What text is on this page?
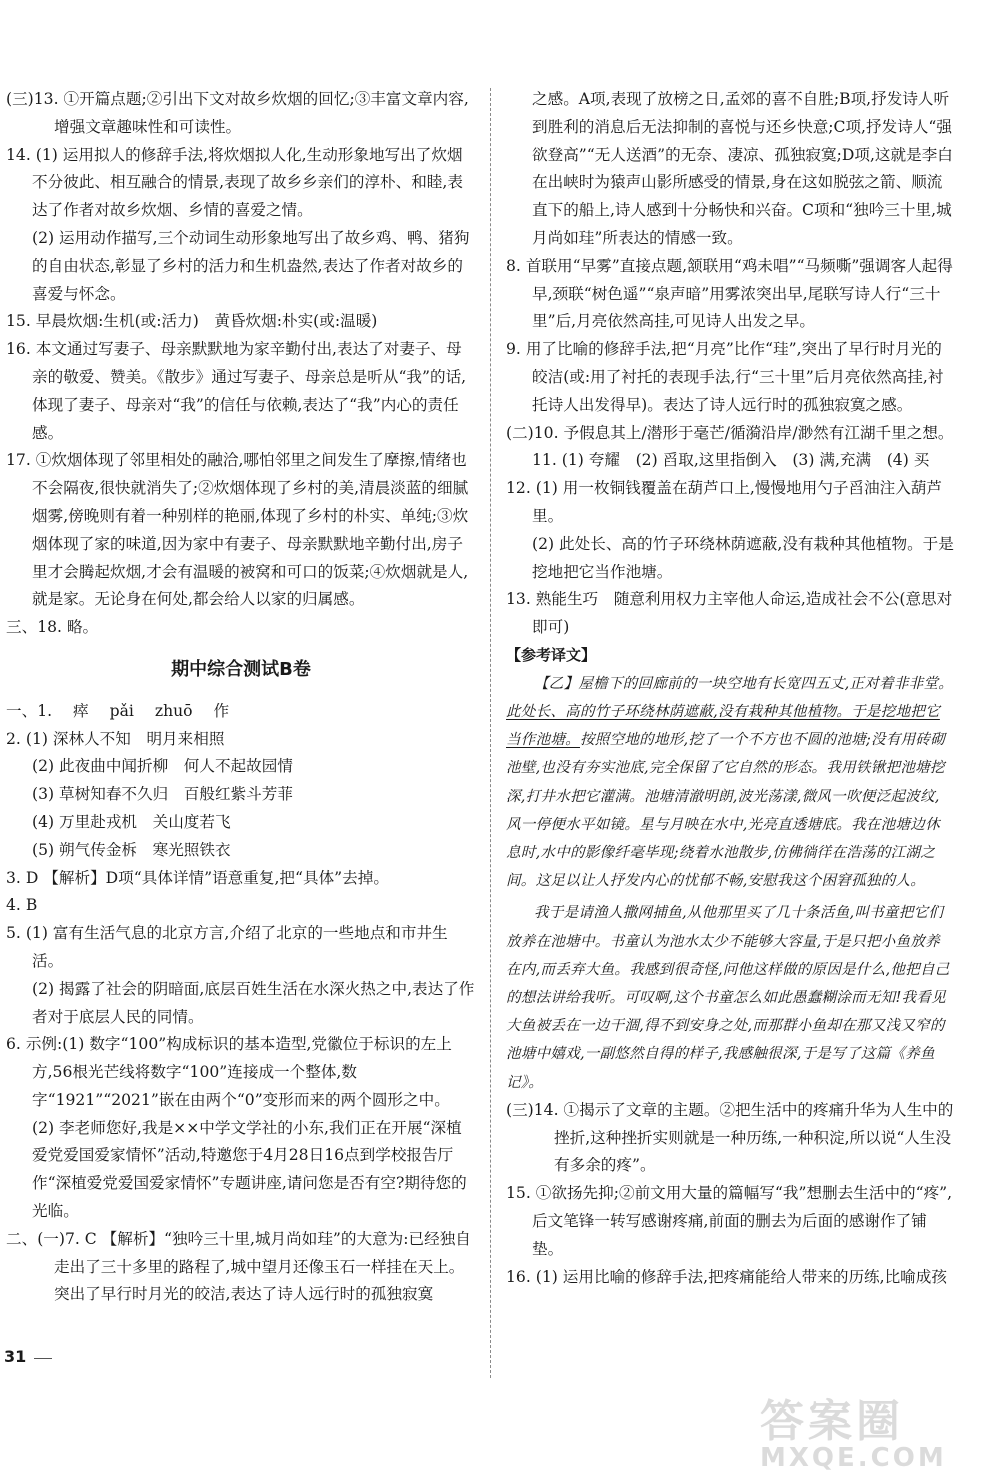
(三)13. ①开篇点题;②引出下文对故乡炊烟的回忆;③丰富文章内容,增强文章趣味性和可读性。
14. (1) 运用拟人的修辞手法,将炊烟拟人化,生动形象地写出了炊烟不分彼此、相互融合的情景,表现了故乡乡亲们的淳朴、和睦,表达了作者对故乡炊烟、乡情的喜爱之情。
(2) 运用动作描写,三个动词生动形象地写出了故乡鸡、鸭、猪狗的自由状态,彰显了乡村的活力和生机盎然,表达了作者对故乡的喜爱与怀念。
15. 早晨炊烟:生机(或:活力)　黄昏炊烟:朴实(或:温暖)
16. 本文通过写妻子、母亲默默地为家辛勤付出,表达了对妻子、母亲的敬爱、赞美。《散步》通过写妻子、母亲总是听从“我”的话,体现了妻子、母亲对“我”的信任与依赖,表达了“我”内心的责任感。
17. ①炊烟体现了邻里相处的融洽,哪怕邻里之间发生了摩擦,情绪也不会隔夜,很快就消失了;②炊烟体现了乡村的美,清晨淡蓝的细腻烟雾,傍晚则有着一种别样的艳丽,体现了乡村的朴实、单纯;③炊烟体现了家的味道,因为家中有妻子、母亲默默地辛勤付出,房子里才会腾起炊烟,才会有温暖的被窝和可口的饭菜;④炊烟就是人,就是家。无论身在何处,都会给人以家的归属感。
三、18. 略。
期中综合测试B卷
一、1. 瘁 pǎi zhuō 作
2. (1) 深林人不知　明月来相照
(2) 此夜曲中闻折柳　何人不起故园情
(3) 草树知春不久归　百般红紫斗芳菲
(4) 万里赴戎机　关山度若飞
(5) 朔气传金柝　寒光照铁衣
3. D 【解析】D项“具体详情”语意重复,把“具体”去掉。
4. B
5. (1) 富有生活气息的北京方言,介绍了北京的一些地点和市井生活。
(2) 揭露了社会的阴暗面,底层百姓生活在水深火热之中,表达了作者对于底层人民的同情。
6. 示例:(1) 数字“100”构成标识的基本造型,党徽位于标识的左上方,56根光芒线将数字“100”连接成一个整体,数字“1921”“2021”嵌在由两个“0”变形而来的两个圆形之中。
(2) 李老师您好,我是××中学文学社的小东,我们正在开展“深植爱党爱国爱家情怀”活动,特邀您于4月28日16点到学校报告厅作“深植爱党爱国爱家情怀”专题讲座,请问您是否有空?期待您的光临。
二、(一)7. C 【解析】“独吟三十里,城月尚如珪”的大意为:已经独自走出了三十多里的路程了,城中望月还像玉石一样挂在天上。突出了早行时月光的皎洁,表达了诗人远行时的孤独寂寞
之感。A项,表现了放榜之日,孟郊的喜不自胜;B项,抒发诗人听到胜利的消息后无法抑制的喜悦与还乡快意;C项,抒发诗人“强欲登高”“无人送酒”的无奈、凄凉、孤独寂寞;D项,这就是李白在出峡时为猿声山影所感受的情景,身在这如脱弦之箭、顺流直下的船上,诗人感到十分畅快和兴奋。C项和“独吟三十里,城月尚如珪”所表达的情感一致。
8. 首联用“早雾”直接点题,颔联用“鸡未唱”“马频嘶”强调客人起得早,颈联“树色遥”“泉声暗”用雾浓突出早,尾联写诗人行“三十里”后,月亮依然高挂,可见诗人出发之早。
9. 用了比喻的修辞手法,把“月亮”比作“珪”,突出了早行时月光的皎洁(或:用了衬托的表现手法,行“三十里”后月亮依然高挂,衬托诗人出发得早)。表达了诗人远行时的孤独寂寞之感。
(二)10. 予假息其上/潜形于毫芒/循漪沿岸/渺然有江湖千里之想。
11. (1) 夸耀　(2) 舀取,这里指倒入　(3) 满,充满　(4) 买
12. (1) 用一枚铜钱覆盖在葫芦口上,慢慢地用勺子舀油注入葫芦里。
(2) 此处长、高的竹子环绕林荫遮蔽,没有栽种其他植物。于是挖地把它当作池塘。
13. 熟能生巧　随意利用权力主宰他人命运,造成社会不公(意思对即可)
【参考译文】
【乙】屋檐下的回廊前的一块空地有长宽四五丈,正对着非非堂。此处长、高的竹子环绕林荫遮蔽,没有栽种其他植物。于是挖地把它当作池塘。按照空地的地形,挖了一个不方也不圆的池塘;没有用砖砌池壁,也没有夯实池底,完全保留了它自然的形态。我用铁锹把池塘挖深,打井水把它灌满。池塘清澈明朗,波光荡漾,微风一吹便泛起波纹,风一停便水平如镜。星与月映在水中,光亮直透塘底。我在池塘边休息时,水中的影像纤毫毕现;绕着水池散步,仿佛徜徉在浩荡的江湖之间。这足以让人抒发内心的忧郁不畅,安慰我这个困窘孤独的人。
我于是请渔人撒网捕鱼,从他那里买了几十条活鱼,叫书童把它们放养在池塘中。书童认为池水太少不能够大容量,于是只把小鱼放养在内,而丢弃大鱼。我感到很奇怪,问他这样做的原因是什么,他把自己的想法讲给我听。可叹啊,这个书童怎么如此愚蠢糊涂而无知!我看见大鱼被丢在一边干涸,得不到安身之处,而那群小鱼却在那又浅又窄的池塘中嬉戏,一副悠然自得的样子,我感触很深,于是写了这篇《养鱼记》。
(三)14. ①揭示了文章的主题。②把生活中的疼痛升华为人生中的挫折,这种挫折实则就是一种历练,一种积淀,所以说“人生没有多余的疼”。
15. ①欲扬先抑;②前文用大量的篇幅写“我”想删去生活中的“疼”,后文笔锋一转写感谢疼痛,前面的删去为后面的感谢作了铺垫。
16. (1) 运用比喻的修辞手法,把疼痛能给人带来的历练,比喻成孩
31
答案圈
MXQE.COM
